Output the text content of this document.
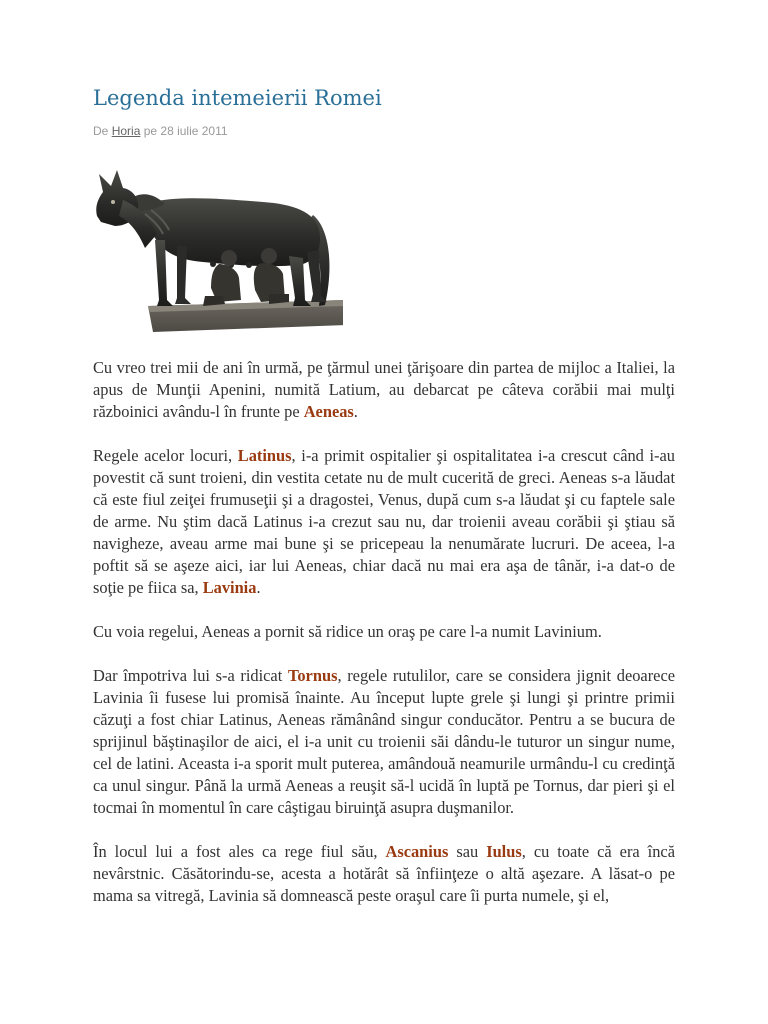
Legenda intemeierii Romei
De Horia pe 28 iulie 2011

Cu vreo trei mii de ani în urmă, pe ţărmul unei ţărişoare din partea de mijloc a Italiei, la apus de Munţii Apenini, numită Latium, au debarcat pe câteva corăbii mai mulţi războinici avându-l în frunte pe Aeneas.

Regele acelor locuri, Latinus, i-a primit ospitalier şi ospitalitatea i-a crescut când i-au povestit că sunt troieni, din vestita cetate nu de mult cucerită de greci. Aeneas s-a lăudat că este fiul zeiţei frumuseţii şi a dragostei, Venus, după cum s-a lăudat şi cu faptele sale de arme. Nu ştim dacă Latinus i-a crezut sau nu, dar troienii aveau corăbii şi ştiau să navigheze, aveau arme mai bune şi se pricepeau la nenumărate lucruri. De aceea, l-a poftit să se aşeze aici, iar lui Aeneas, chiar dacă nu mai era aşa de tânăr, i-a dat-o de soţie pe fiica sa, Lavinia.

Cu voia regelui, Aeneas a pornit să ridice un oraş pe care l-a numit Lavinium.

Dar împotriva lui s-a ridicat Tornus, regele rutulilor, care se considera jignit deoarece Lavinia îi fusese lui promisă înainte. Au început lupte grele şi lungi şi printre primii căzuţi a fost chiar Latinus, Aeneas rămânând singur conducător. Pentru a se bucura de sprijinul băştinaşilor de aici, el i-a unit cu troienii săi dându-le tuturor un singur nume, cel de latini. Aceasta i-a sporit mult puterea, amândouă neamurile urmându-l cu credinţă ca unul singur. Până la urmă Aeneas a reuşit să-l ucidă în luptă pe Tornus, dar pieri şi el tocmai în momentul în care câştigau biruinţă asupra duşmanilor.

În locul lui a fost ales ca rege fiul său, Ascanius sau Iulus, cu toate că era încă nevârstnic. Căsătorindu-se, acesta a hotărât să înfiinţeze o altă aşezare. A lăsat-o pe mama sa vitregă, Lavinia să domnească peste oraşul care îi purta numele, şi el,
